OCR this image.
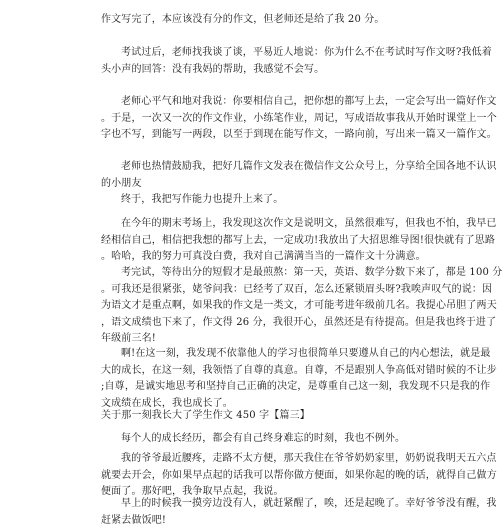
作文写完了，本应该没有分的作文，但老师还是给了我 20 分。

考试过后，老师找我谈了谈，平易近人地说：你为什么不在考试时写作文呀?我低着
头小声的回答：没有我妈的帮助，我感觉不会写。

老师心平气和地对我说：你要相信自己，把你想的都写上去，一定会写出一篇好作文
。于是，一次又一次的作文作业，小练笔作业，周记，写成语故事我从开始时课堂上一个
字也不写，到能写一两段，以至于到现在能写作文，一路向前，写出来一篇又一篇作文。

老师也热情鼓励我，把好几篇作文发表在微信作文公众号上，分享给全国各地不认识
的小朋友

终于，我把写作能力也提升上来了。

在今年的期末考场上，我发现这次作文是说明文，虽然很难写，但我也不怕，我早已
经相信自己，相信把我想的都写上去，一定成功!我放出了大招思维导图!很快就有了思路
。哈哈，我的努力可真没白费，我对自己满满当当的一篇作文十分满意。

考完试，等待出分的短假才是最煎熬：第一天，英语、数学分数下来了，都是 100 分
。可我还是很紧张，姥爷问我：已经考了双百，怎么还紧锁眉头呀?我唉声叹气的说：因
为语文才是重点啊，如果我的作文是一类文，才可能考进年级前几名。我提心吊胆了两天
，语文成绩也下来了，作文得 26 分，我很开心，虽然还是有待提高。但是我也终于进了
年级前三名!

啊!在这一刻，我发现不依靠他人的学习也很简单只要遵从自己的内心想法，就是最
大的成长，在这一刻，我领悟了自尊的真意。自尊，不是跟别人争高低对错时候的不让步
;自尊，是诚实地思考和坚持自己正确的决定，是尊重自己这一刻，我发现不只是我的作
文成绩在成长，我也成长了。

关于那一刻我长大了学生作文 450 字【篇三】

每个人的成长经历，都会有自己终身难忘的时刻，我也不例外。

我的爷爷最近腰疼，走路不太方便，那天我住在爷爷奶奶家里，奶奶说我明天五六点
就要去开会，你如果早点起的话我可以帮你做方便面，如果你起的晚的话，就得自己做方
便面了。那好吧，我争取早点起，我说。

早上的时候我一摸旁边没有人，就赶紧醒了，唉，还是起晚了。幸好爷爷没有醒，我
赶紧去做饭吧!
